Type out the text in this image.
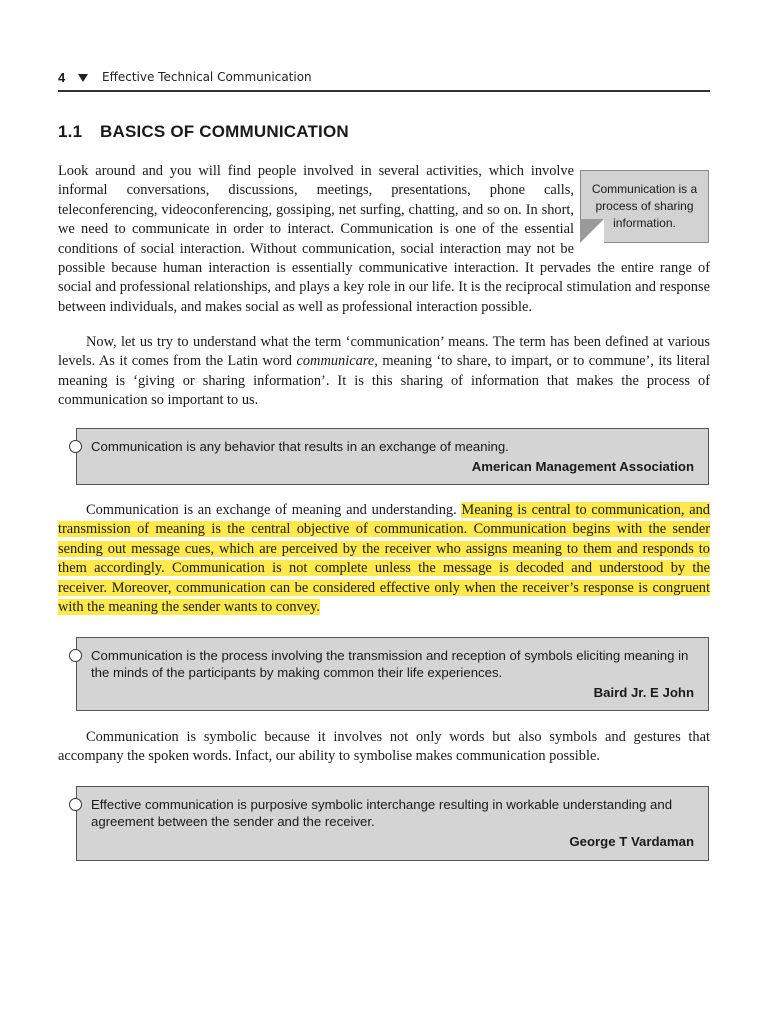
4	Effective Technical Communication
1.1 BASICS OF COMMUNICATION
Communication is a process of sharing information.

Look around and you will find people involved in several activities, which involve informal conversations, discussions, meetings, presentations, phone calls, teleconferencing, videoconferencing, gossiping, net surfing, chatting, and so on. In short, we need to communicate in order to interact. Communication is one of the essential conditions of social interaction. Without communication, social interaction may not be possible because human interaction is essentially communicative interaction. It pervades the entire range of social and professional relationships, and plays a key role in our life. It is the reciprocal stimulation and response between individuals, and makes social as well as professional interaction possible.

Now, let us try to understand what the term ‘communication’ means. The term has been defined at various levels. As it comes from the Latin word communicare, meaning ‘to share, to impart, or to commune’, its literal meaning is ‘giving or sharing information’. It is this sharing of information that makes the process of communication so important to us.

Communication is any behavior that results in an exchange of meaning.
American Management Association

Communication is an exchange of meaning and understanding. Meaning is central to communication, and transmission of meaning is the central objective of communication. Communication begins with the sender sending out message cues, which are perceived by the receiver who assigns meaning to them and responds to them accordingly. Communication is not complete unless the message is decoded and understood by the receiver. Moreover, communication can be considered effective only when the receiver’s response is congruent with the meaning the sender wants to convey.

Communication is the process involving the transmission and reception of symbols eliciting meaning in the minds of the participants by making common their life experiences.
Baird Jr. E John

Communication is symbolic because it involves not only words but also symbols and gestures that accompany the spoken words. Infact, our ability to symbolise makes communication possible.

Effective communication is purposive symbolic interchange resulting in workable understanding and agreement between the sender and the receiver.
George T Vardaman
